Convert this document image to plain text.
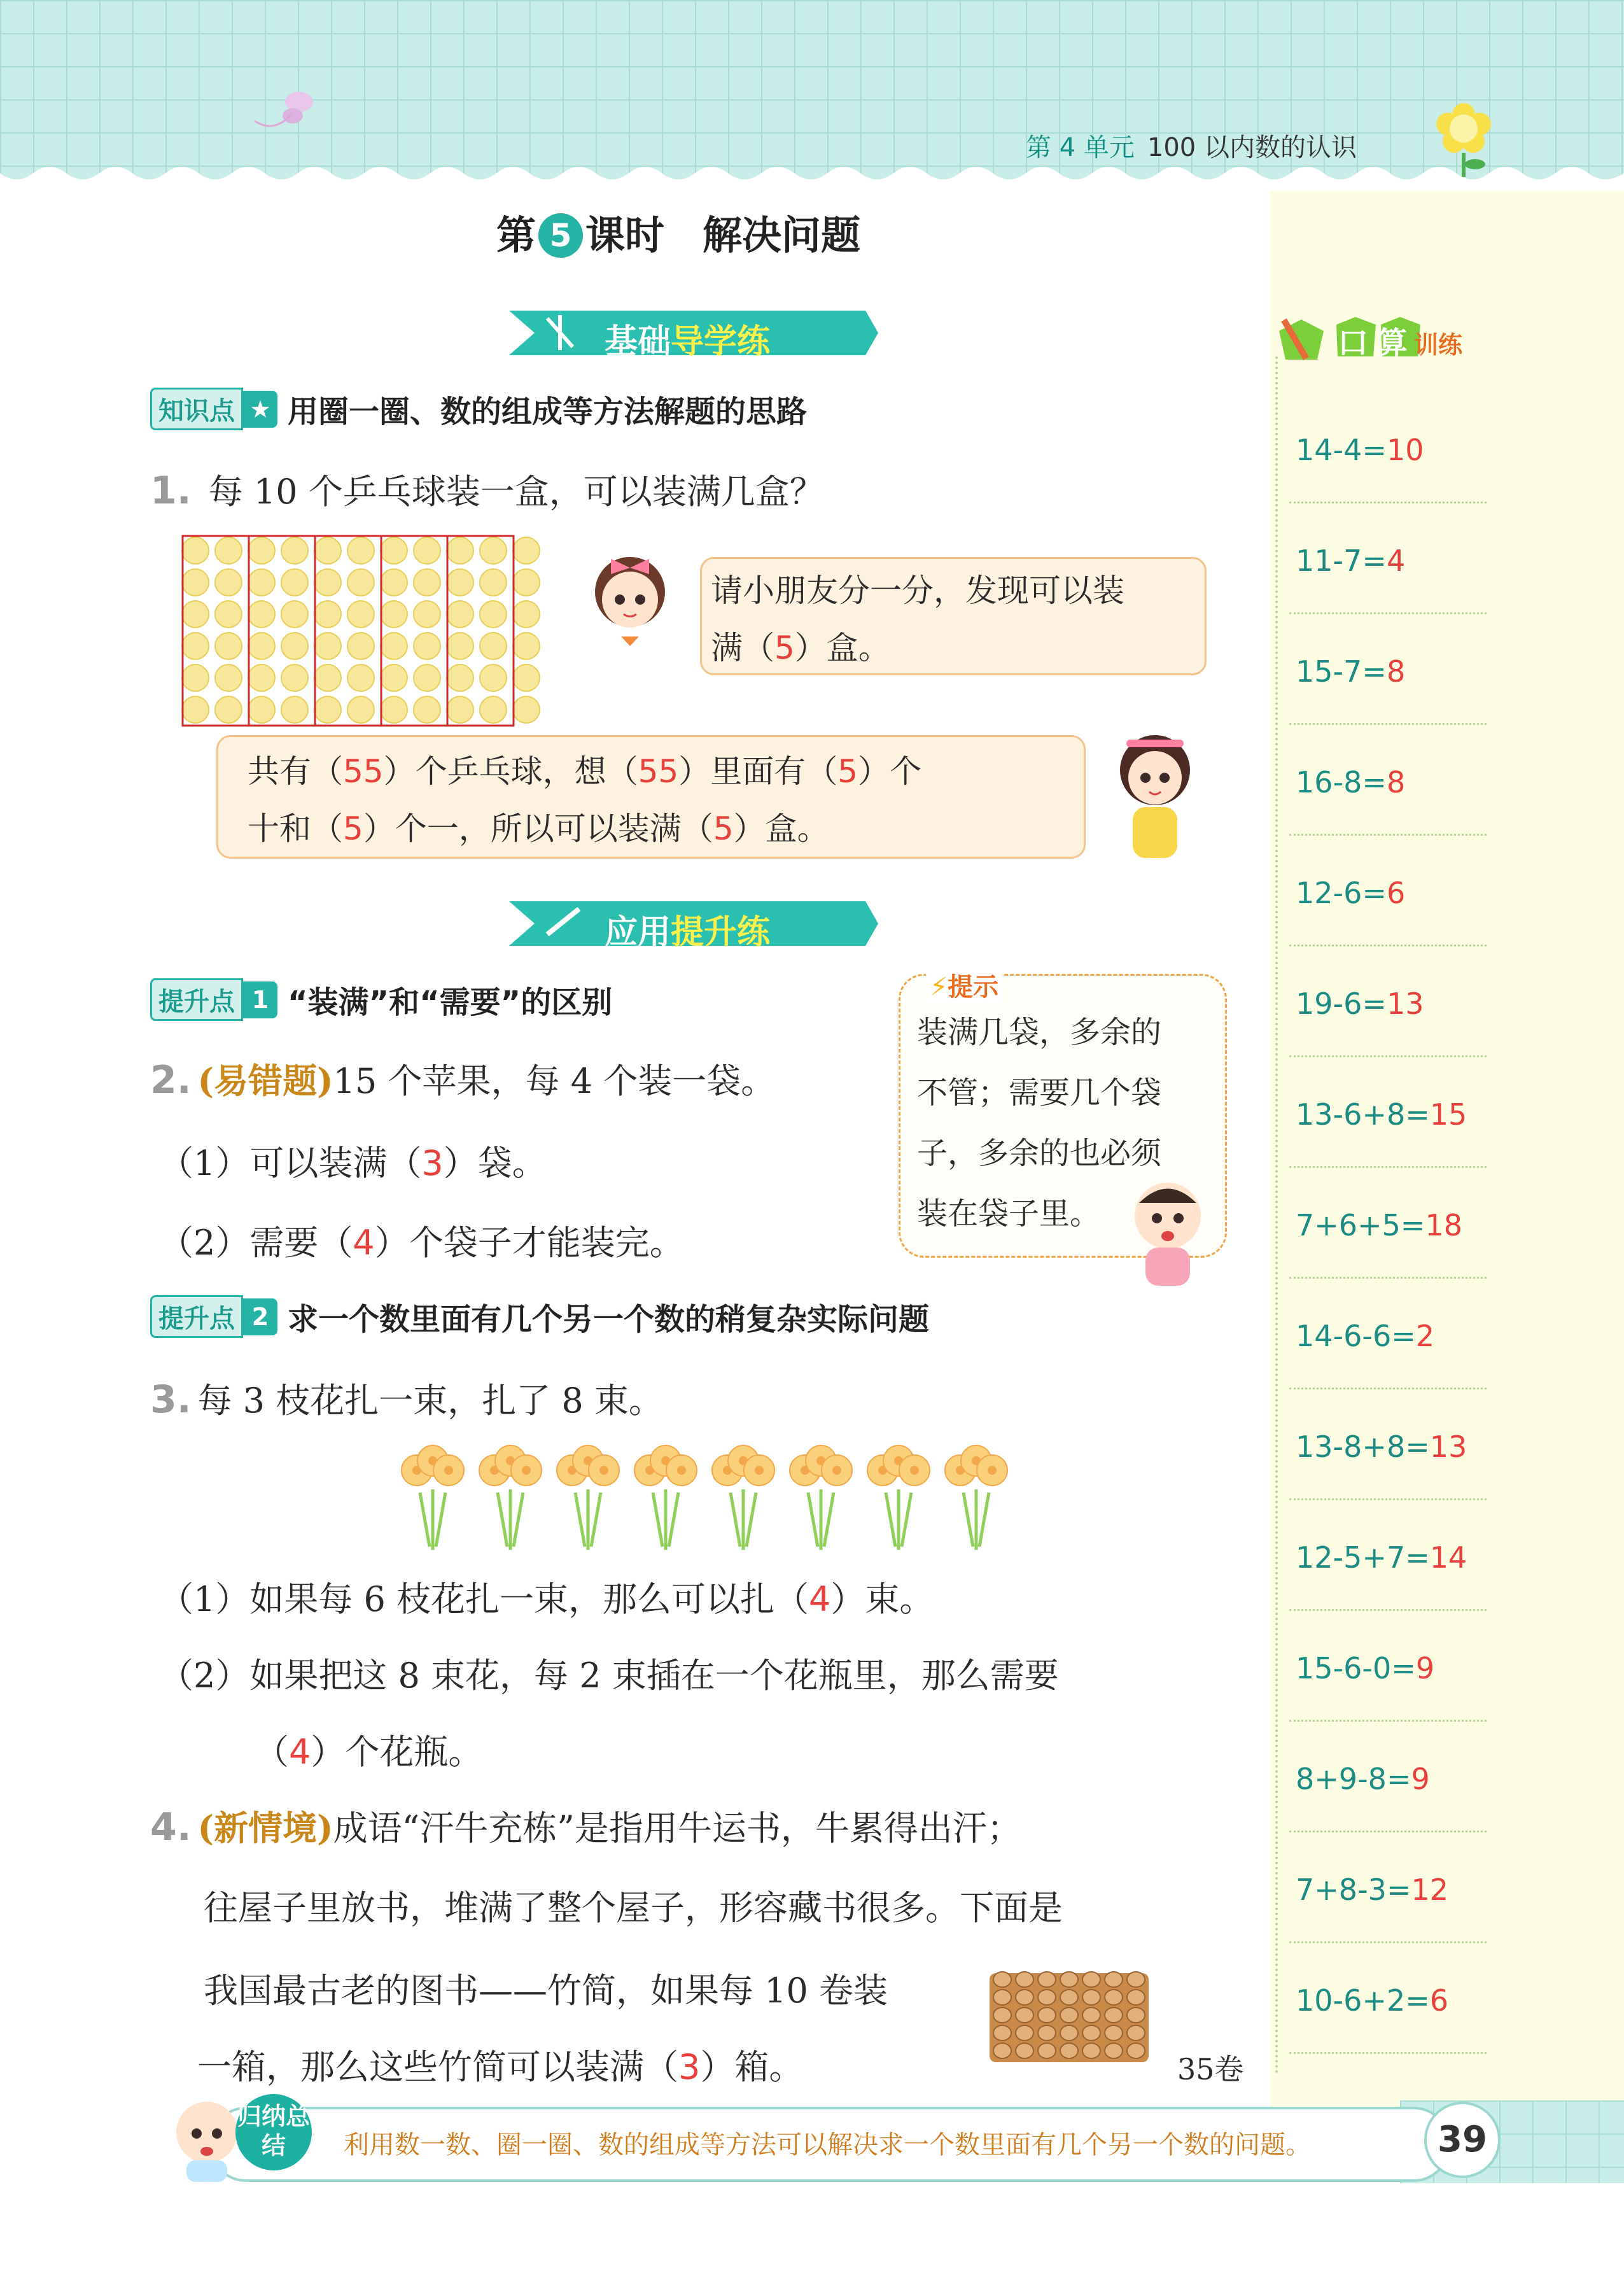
第 4 单元 100 以内数的认识
口 算 训练
14-4=10
11-7=4
15-7=8
16-8=8
12-6=6
19-6=13
13-6+8=15
7+6+5=18
14-6-6=2
13-8+8=13
12-5+7=14
15-6-0=9
8+9-8=9
7+8-3=12
10-6+2=6
第 5 课时 解决问题
基础导学练
知识点 ★ 用圈一圈、数的组成等方法解题的思路
1. 每 10 个乒乓球装一盒，可以装满几盒？
请小朋友分一分，发现可以装
满（5）盒。
共有（55）个乒乓球，想（55）里面有（5）个
十和（5）个一，所以可以装满（5）盒。
应用提升练
提升点 1 “装满”和“需要”的区别
2. (易错题)15 个苹果，每 4 个装一袋。
（1）可以装满（3）袋。
（2）需要（4）个袋子才能装完。
⚡提示
装满几袋，多余的
不管；需要几个袋
子，多余的也必须
装在袋子里。
提升点 2 求一个数里面有几个另一个数的稍复杂实际问题
3. 每 3 枝花扎一束，扎了 8 束。
（1）如果每 6 枝花扎一束，那么可以扎（4）束。
（2）如果把这 8 束花，每 2 束插在一个花瓶里，那么需要
（4）个花瓶。
4. (新情境)成语“汗牛充栋”是指用牛运书，牛累得出汗；
往屋子里放书，堆满了整个屋子，形容藏书很多。下面是
我国最古老的图书——竹简，如果每 10 卷装
一箱，那么这些竹简可以装满（3）箱。	35卷
归纳总结	利用数一数、圈一圈、数的组成等方法可以解决求一个数里面有几个另一个数的问题。	39
